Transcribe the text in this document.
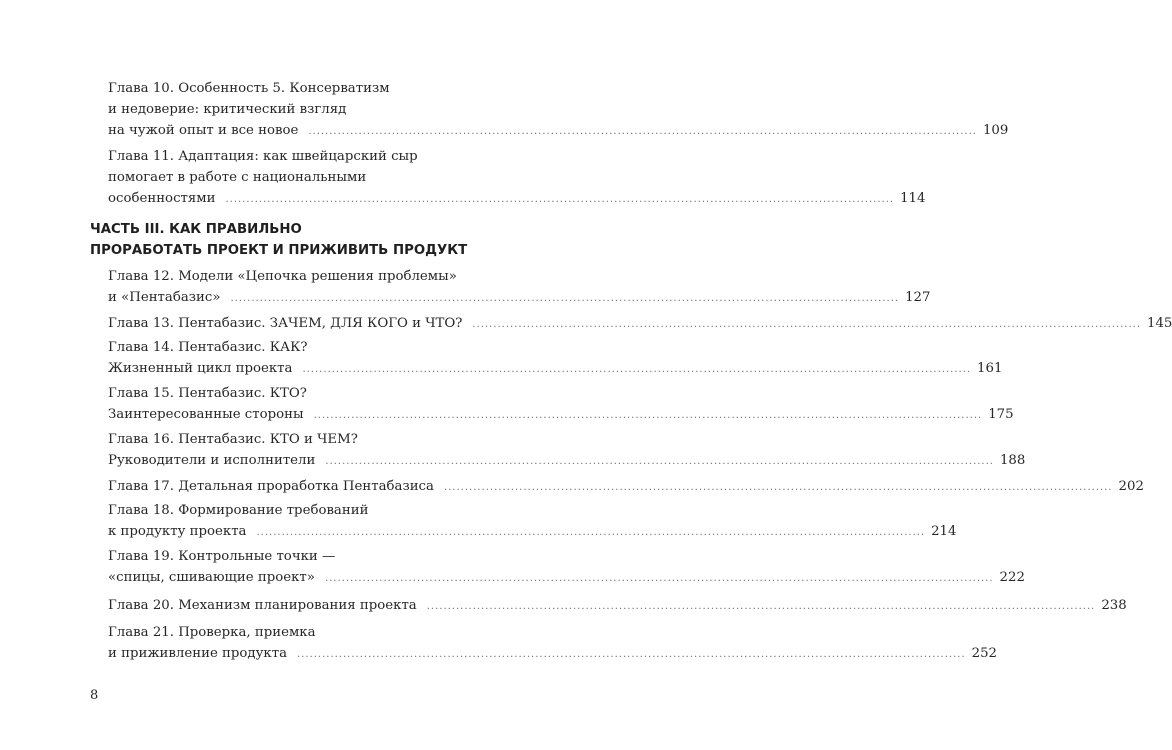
Глава 10. Особенность 5. Консерватизм
и недоверие: критический взгляд
на чужой опыт и все новое ................................................................................................................................................................ 109
Глава 11. Адаптация: как швейцарский сыр
помогает в работе с национальными
особенностями ................................................................................................................................................................ 114
ЧАСТЬ III. КАК ПРАВИЛЬНО
ПРОРАБОТАТЬ ПРОЕКТ И ПРИЖИВИТЬ ПРОДУКТ
Глава 12. Модели «Цепочка решения проблемы»
и «Пентабазис» ................................................................................................................................................................ 127
Глава 13. Пентабазис. ЗАЧЕМ, ДЛЯ КОГО и ЧТО? ................................................................................................................................................................ 145
Глава 14. Пентабазис. КАК?
Жизненный цикл проекта ................................................................................................................................................................ 161
Глава 15. Пентабазис. КТО?
Заинтересованные стороны ................................................................................................................................................................ 175
Глава 16. Пентабазис. КТО и ЧЕМ?
Руководители и исполнители ................................................................................................................................................................ 188
Глава 17. Детальная проработка Пентабазиса ................................................................................................................................................................ 202
Глава 18. Формирование требований
к продукту проекта ................................................................................................................................................................ 214
Глава 19. Контрольные точки —
«спицы, сшивающие проект» ................................................................................................................................................................ 222
Глава 20. Механизм планирования проекта ................................................................................................................................................................ 238
Глава 21. Проверка, приемка
и приживление продукта ................................................................................................................................................................ 252
8
